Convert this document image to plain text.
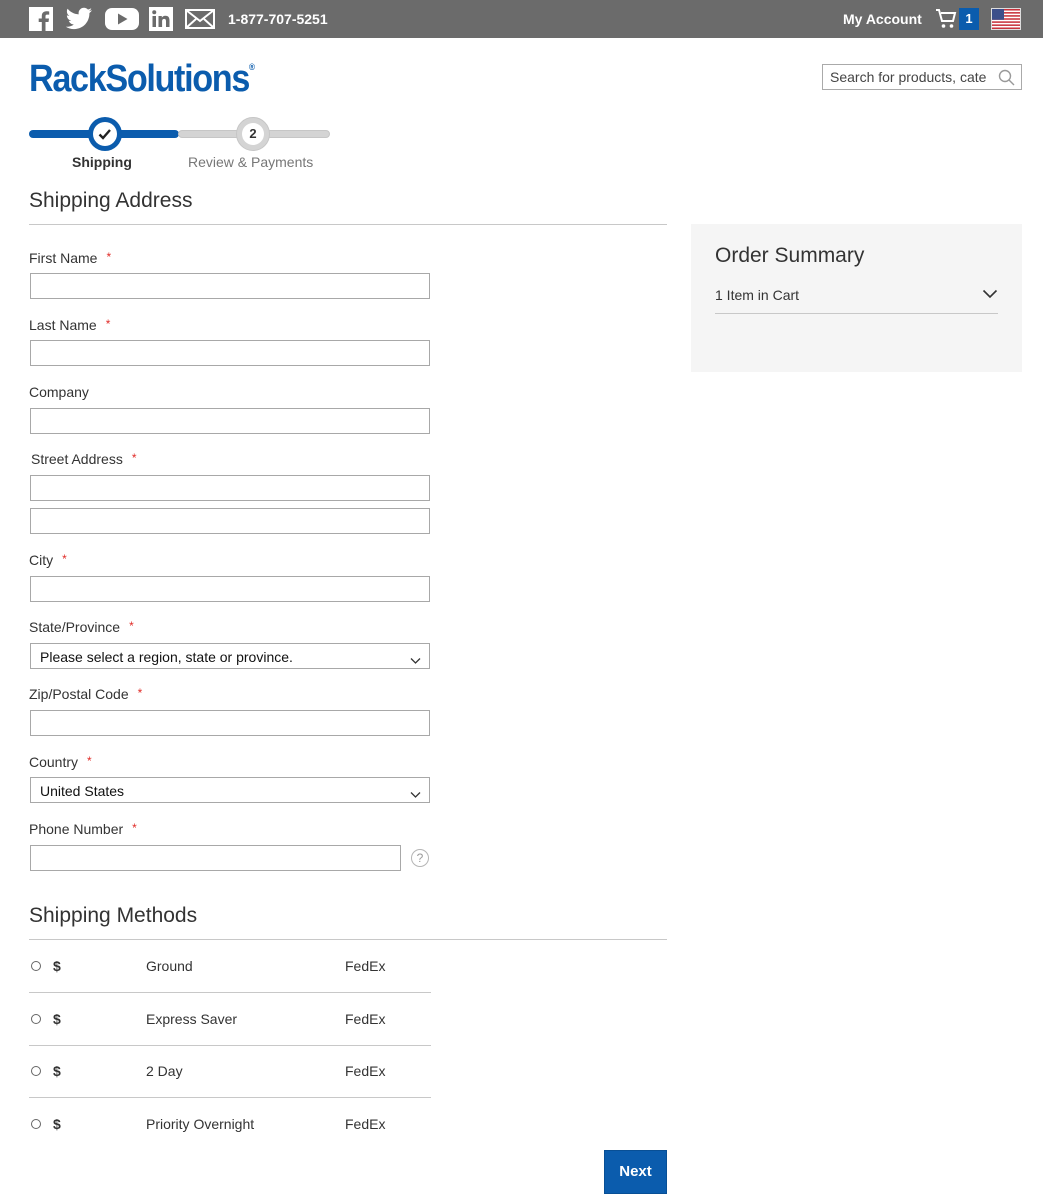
1-877-707-5251	My Account	1
RackSolutions®
Search for products, cate
2
Shipping	Review & Payments
Shipping Address
First Name *
Last Name *
Company
Street Address *
City *
State/Province *
Please select a region, state or province.
Zip/Postal Code *
Country *
United States
Phone Number *
?
Shipping Methods
$	Ground	FedEx
$	Express Saver	FedEx
$	2 Day	FedEx
$	Priority Overnight	FedEx
Next
Order Summary
1 Item in Cart
